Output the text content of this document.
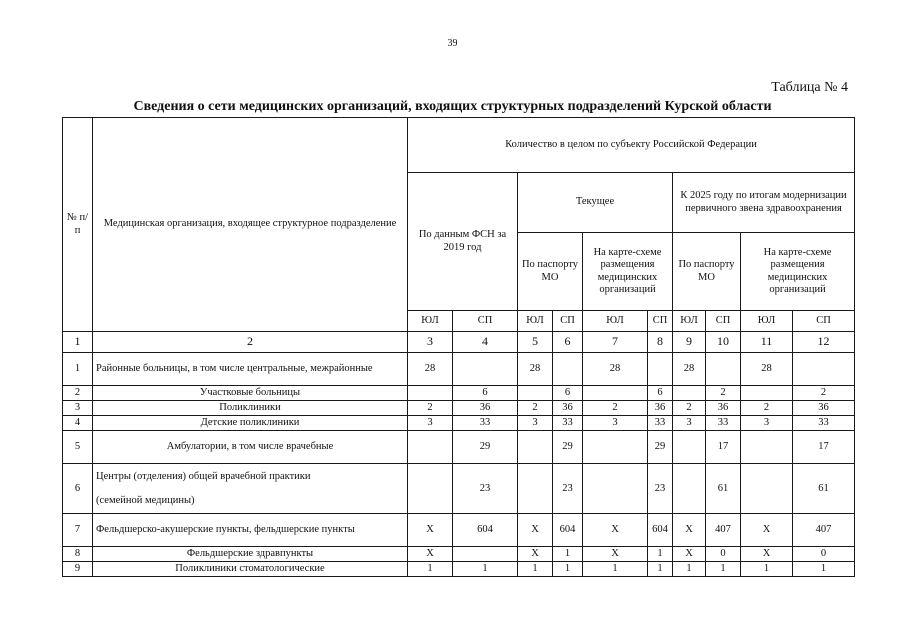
39
Таблица № 4
Сведения о сети медицинских организаций, входящих структурных подразделений Курской области
№ п/п	Медицинская организация, входящее структурное подразделение	Количество в целом по субъекту Российской Федерации									
		По данным ФСН за 2019 год		Текущее				К 2025 году по итогам модернизации первичного звена здравоохранения			
				По паспорту МО		На карте-схеме размещения медицинских организаций		По паспорту МО		На карте-схеме размещения медицинских организаций	
		ЮЛ	СП	ЮЛ	СП	ЮЛ	СП	ЮЛ	СП	ЮЛ	СП
1	2	3	4	5	6	7	8	9	10	11	12
1	Районные больницы, в том числе центральные, межрайонные	28		28		28		28		28	
2	Участковые больницы		6		6		6		2		2
3	Поликлиники	2	36	2	36	2	36	2	36	2	36
4	Детские поликлиники	3	33	3	33	3	33	3	33	3	33
5	Амбулатории, в том числе врачебные		29		29		29		17		17
6	Центры (отделения) общей врачебной практики
(семейной медицины)		23		23		23		61		61
7	Фельдшерско-акушерские пункты, фельдшерские пункты	Х	604	Х	604	Х	604	Х	407	Х	407
8	Фельдшерские здравпункты	Х		Х	1	Х	1	Х	0	Х	0
9	Поликлиники стоматологические	1	1	1	1	1	1	1	1	1	1
